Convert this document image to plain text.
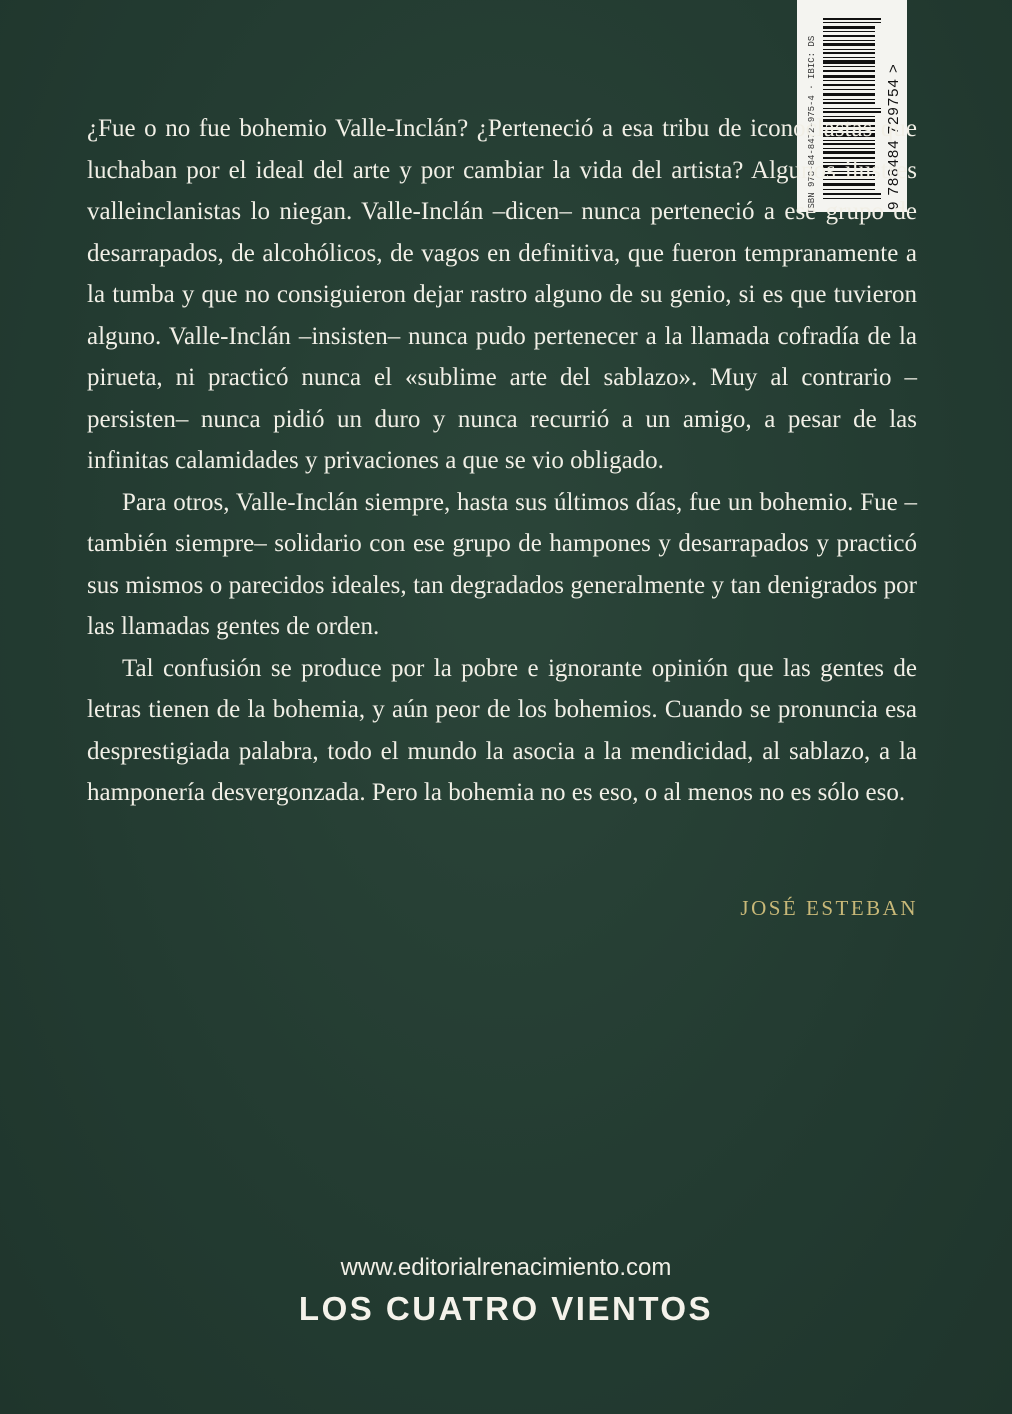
ISBN 978-84-8472-975-4 · IBIC: DS	9 788484 729754 >

¿Fue o no fue bohemio Valle-Inclán? ¿Perteneció a esa tribu de iconoclastas que luchaban por el ideal del arte y por cambiar la vida del artista? Algunos ilustres valleinclanistas lo niegan. Valle-Inclán –dicen– nunca perteneció a ese grupo de desarrapados, de alcohólicos, de vagos en definitiva, que fueron tempranamente a la tumba y que no consiguieron dejar rastro alguno de su genio, si es que tuvieron alguno. Valle-Inclán –insisten– nunca pudo pertenecer a la llamada cofradía de la pirueta, ni practicó nunca el «sublime arte del sablazo». Muy al contrario –persisten– nunca pidió un duro y nunca recurrió a un amigo, a pesar de las infinitas calamidades y privaciones a que se vio obligado.

Para otros, Valle-Inclán siempre, hasta sus últimos días, fue un bohemio. Fue –también siempre– solidario con ese grupo de hampones y desarrapados y practicó sus mismos o parecidos ideales, tan degradados generalmente y tan denigrados por las llamadas gentes de orden.

Tal confusión se produce por la pobre e ignorante opinión que las gentes de letras tienen de la bohemia, y aún peor de los bohemios. Cuando se pronuncia esa desprestigiada palabra, todo el mundo la asocia a la mendicidad, al sablazo, a la hamponería desvergonzada. Pero la bohemia no es eso, o al menos no es sólo eso.

JOSÉ ESTEBAN
www.editorialrenacimiento.com
LOS CUATRO VIENTOS
